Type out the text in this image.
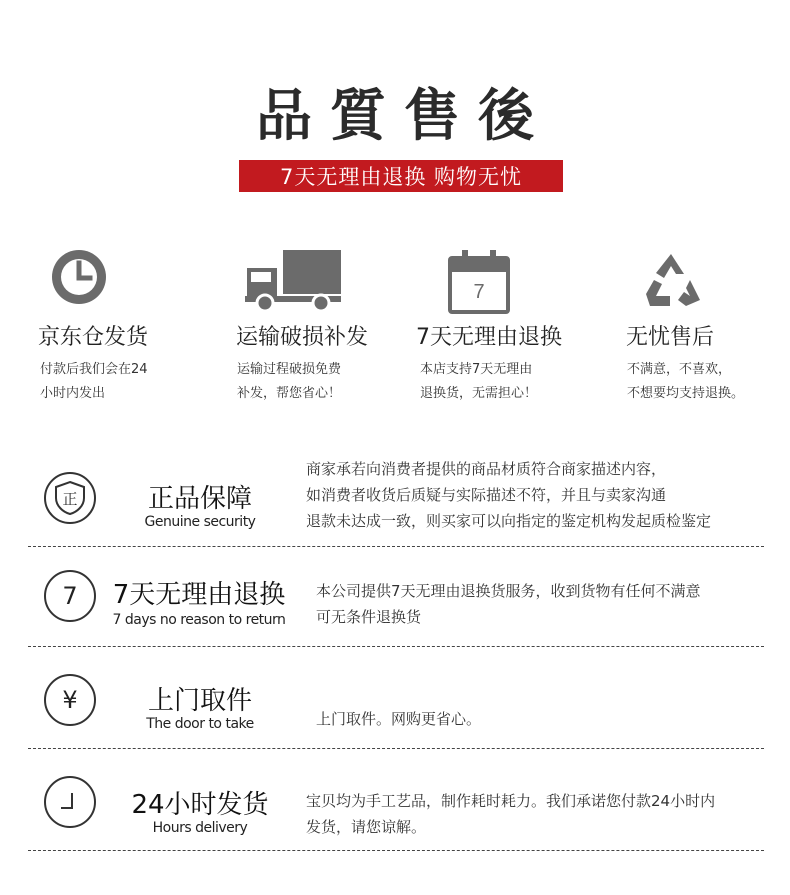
品質售後
7天无理由退换 购物无忧
7
京东仓发货
付款后我们会在24
小时内发出
运输破损补发
运输过程破损免费
补发，帮您省心！
7天无理由退换
本店支持7天无理由
退换货，无需担心！
无忧售后
不满意，不喜欢，
不想要均支持退换。
正	正品保障
Genuine security
商家承若向消费者提供的商品材质符合商家描述内容，
如消费者收货后质疑与实际描述不符，并且与卖家沟通
退款未达成一致，则买家可以向指定的鉴定机构发起质检鉴定
7	7天无理由退换
7 days no reason to return
本公司提供7天无理由退换货服务，收到货物有任何不满意
可无条件退换货
¥	上门取件
The door to take	上门取件。网购更省心。
24小时发货
Hours delivery
宝贝均为手工艺品，制作耗时耗力。我们承诺您付款24小时内
发货，请您谅解。
